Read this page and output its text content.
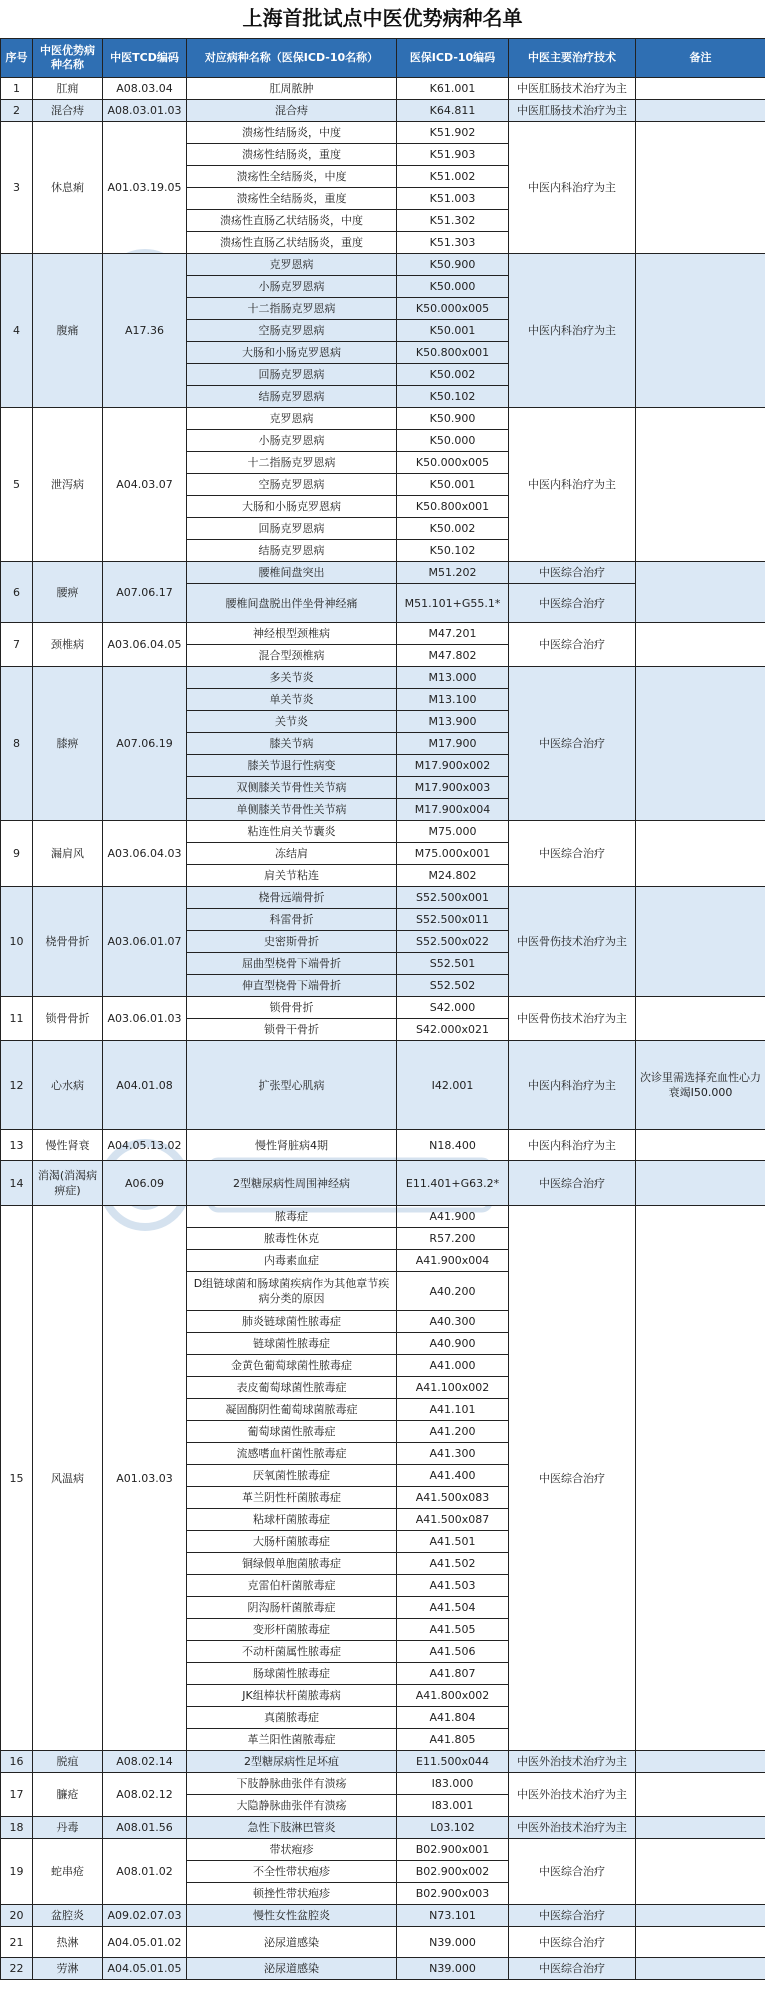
上海首批试点中医优势病种名单
序号	中医优势病种名称	中医TCD编码	对应病种名称（医保ICD-10名称）	医保ICD-10编码	中医主要治疗技术	备注
1	肛痈	A08.03.04	肛周脓肿	K61.001	中医肛肠技术治疗为主	
2	混合痔	A08.03.01.03	混合痔	K64.811	中医肛肠技术治疗为主	
3	休息痢	A01.03.19.05	溃疡性结肠炎，中度	K51.902	中医内科治疗为主	
			溃疡性结肠炎，重度	K51.903		
			溃疡性全结肠炎，中度	K51.002		
			溃疡性全结肠炎，重度	K51.003		
			溃疡性直肠乙状结肠炎，中度	K51.302		
			溃疡性直肠乙状结肠炎，重度	K51.303		
4	腹痛	A17.36	克罗恩病	K50.900	中医内科治疗为主	
			小肠克罗恩病	K50.000		
			十二指肠克罗恩病	K50.000x005		
			空肠克罗恩病	K50.001		
			大肠和小肠克罗恩病	K50.800x001		
			回肠克罗恩病	K50.002		
			结肠克罗恩病	K50.102		
5	泄泻病	A04.03.07	克罗恩病	K50.900	中医内科治疗为主	
			小肠克罗恩病	K50.000		
			十二指肠克罗恩病	K50.000x005		
			空肠克罗恩病	K50.001		
			大肠和小肠克罗恩病	K50.800x001		
			回肠克罗恩病	K50.002		
			结肠克罗恩病	K50.102		
6	腰痹	A07.06.17	腰椎间盘突出	M51.202	中医综合治疗	
			腰椎间盘脱出伴坐骨神经痛	M51.101+G55.1*	中医综合治疗	
7	颈椎病	A03.06.04.05	神经根型颈椎病	M47.201	中医综合治疗	
			混合型颈椎病	M47.802		
8	膝痹	A07.06.19	多关节炎	M13.000	中医综合治疗	
			单关节炎	M13.100		
			关节炎	M13.900		
			膝关节病	M17.900		
			膝关节退行性病变	M17.900x002		
			双侧膝关节骨性关节病	M17.900x003		
			单侧膝关节骨性关节病	M17.900x004		
9	漏肩风	A03.06.04.03	粘连性肩关节囊炎	M75.000	中医综合治疗	
			冻结肩	M75.000x001		
			肩关节粘连	M24.802		
10	桡骨骨折	A03.06.01.07	桡骨远端骨折	S52.500x001	中医骨伤技术治疗为主	
			科雷骨折	S52.500x011		
			史密斯骨折	S52.500x022		
			屈曲型桡骨下端骨折	S52.501		
			伸直型桡骨下端骨折	S52.502		
11	锁骨骨折	A03.06.01.03	锁骨骨折	S42.000	中医骨伤技术治疗为主	
			锁骨干骨折	S42.000x021		
12	心水病	A04.01.08	扩张型心肌病	I42.001	中医内科治疗为主	次诊里需选择充血性心力衰竭I50.000
13	慢性肾衰	A04.05.13.02	慢性肾脏病4期	N18.400	中医内科治疗为主	
14	消渴(消渴病痹症)	A06.09	2型糖尿病性周围神经病	E11.401+G63.2*	中医综合治疗	
15	风温病	A01.03.03	脓毒症	A41.900	中医综合治疗	
			脓毒性休克	R57.200		
			内毒素血症	A41.900x004		
			D组链球菌和肠球菌疾病作为其他章节疾病分类的原因	A40.200		
			肺炎链球菌性脓毒症	A40.300		
			链球菌性脓毒症	A40.900		
			金黄色葡萄球菌性脓毒症	A41.000		
			表皮葡萄球菌性脓毒症	A41.100x002		
			凝固酶阴性葡萄球菌脓毒症	A41.101		
			葡萄球菌性脓毒症	A41.200		
			流感嗜血杆菌性脓毒症	A41.300		
			厌氧菌性脓毒症	A41.400		
			革兰阴性杆菌脓毒症	A41.500x083		
			粘球杆菌脓毒症	A41.500x087		
			大肠杆菌脓毒症	A41.501		
			铜绿假单胞菌脓毒症	A41.502		
			克雷伯杆菌脓毒症	A41.503		
			阴沟肠杆菌脓毒症	A41.504		
			变形杆菌脓毒症	A41.505		
			不动杆菌属性脓毒症	A41.506		
			肠球菌性脓毒症	A41.807		
			JK组棒状杆菌脓毒病	A41.800x002		
			真菌脓毒症	A41.804		
			革兰阳性菌脓毒症	A41.805		
16	脱疽	A08.02.14	2型糖尿病性足坏疽	E11.500x044	中医外治技术治疗为主	
17	臁疮	A08.02.12	下肢静脉曲张伴有溃疡	I83.000	中医外治技术治疗为主	
			大隐静脉曲张伴有溃疡	I83.001		
18	丹毒	A08.01.56	急性下肢淋巴管炎	L03.102	中医外治技术治疗为主	
19	蛇串疮	A08.01.02	带状疱疹	B02.900x001	中医综合治疗	
			不全性带状疱疹	B02.900x002		
			顿挫性带状疱疹	B02.900x003		
20	盆腔炎	A09.02.07.03	慢性女性盆腔炎	N73.101	中医综合治疗	
21	热淋	A04.05.01.02	泌尿道感染	N39.000	中医综合治疗	
22	劳淋	A04.05.01.05	泌尿道感染	N39.000	中医综合治疗	
